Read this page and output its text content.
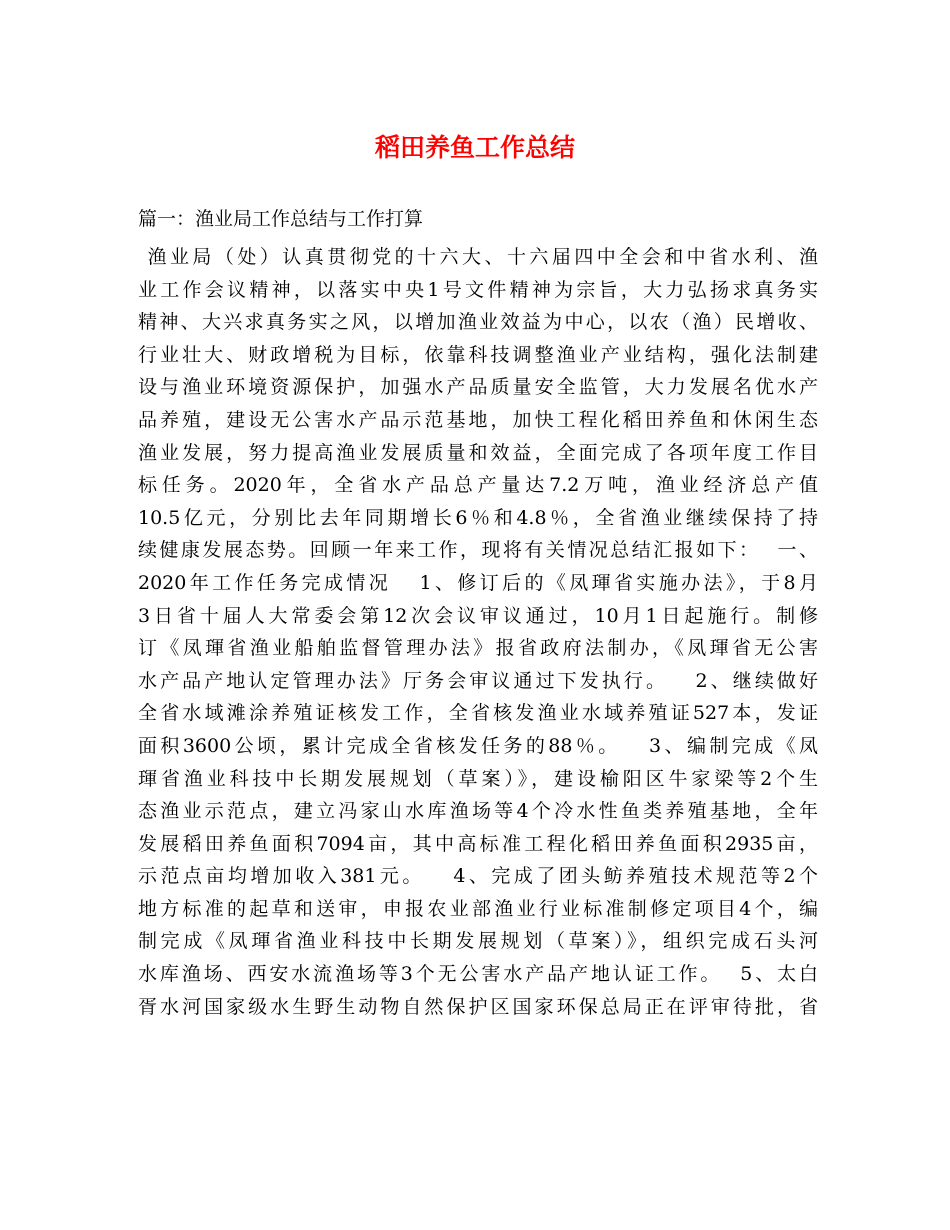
稻田养鱼工作总结

篇一：渔业局工作总结与工作打算

渔业局（处）认真贯彻党的十六大、十六届四中全会和中省水利、渔
业工作会议精神，以落实中央1号文件精神为宗旨，大力弘扬求真务实
精神、大兴求真务实之风，以增加渔业效益为中心，以农（渔）民增收、
行业壮大、财政增税为目标，依靠科技调整渔业产业结构，强化法制建
设与渔业环境资源保护，加强水产品质量安全监管，大力发展名优水产
品养殖，建设无公害水产品示范基地，加快工程化稻田养鱼和休闲生态
渔业发展，努力提高渔业发展质量和效益，全面完成了各项年度工作目
标任务。2020年，全省水产品总产量达7.2万吨，渔业经济总产值
10.5亿元，分别比去年同期增长6％和4.8％，全省渔业继续保持了持
续健康发展态势。回顾一年来工作，现将有关情况总结汇报如下：  一、
2020年工作任务完成情况   1、修订后的《凤琿省实施办法》，于8月
3日省十届人大常委会第12次会议审议通过，10月1日起施行。制修
订《凤琿省渔业船舶监督管理办法》报省政府法制办，《凤琿省无公害
水产品产地认定管理办法》厅务会审议通过下发执行。   2、继续做好
全省水域滩涂养殖证核发工作，全省核发渔业水域养殖证527本，发证
面积3600公顷，累计完成全省核发任务的88％。   3、编制完成《凤
琿省渔业科技中长期发展规划（草案）》，建设榆阳区牛家梁等2个生
态渔业示范点，建立冯家山水库渔场等4个冷水性鱼类养殖基地，全年
发展稻田养鱼面积7094亩，其中高标准工程化稻田养鱼面积2935亩，
示范点亩均增加收入381元。   4、完成了团头鲂养殖技术规范等2个
地方标准的起草和送审，申报农业部渔业行业标准制修定项目4个，编
制完成《凤琿省渔业科技中长期发展规划（草案）》，组织完成石头河
水库渔场、西安水流渔场等3个无公害水产品产地认证工作。  5、太白
胥水河国家级水生野生动物自然保护区国家环保总局正在评审待批，省
